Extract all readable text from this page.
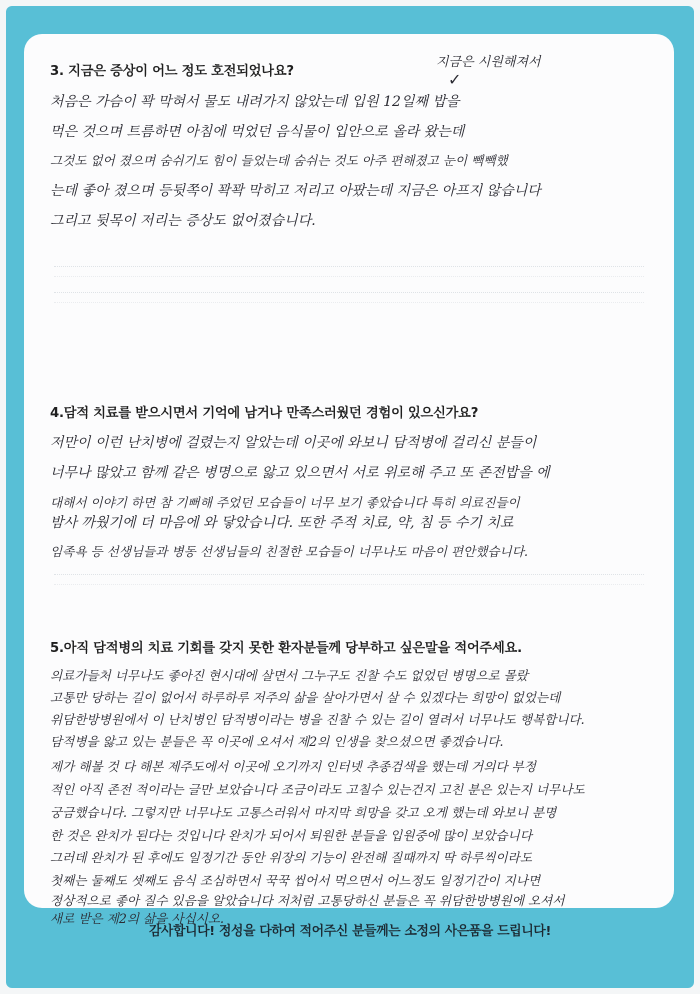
3. 지금은 증상이 어느 정도 호전되었나요?

지금은 시원해져서

✓

처음은 가슴이 꽉 막혀서 물도 내려가지 않았는데 입원 12일째 밥을

먹은 것으며 트름하면 아침에 먹었던 음식물이 입안으로 올라 왔는데

그것도 없어 졌으며 숨쉬기도 힘이 들었는데 숨쉬는 것도 아주 편해졌고 눈이 빽빽했

는데 좋아 졌으며 등뒷쪽이 꽉꽉 막히고 저리고 아팠는데 지금은 아프지 않습니다

그리고 뒷목이 저리는 증상도 없어졌습니다.

4.담적 치료를 받으시면서 기억에 남거나 만족스러웠던 경험이 있으신가요?

저만이 이런 난치병에 걸렸는지 알았는데 이곳에 와보니 담적병에 걸리신 분들이

너무나 많았고 함께 같은 병명으로 앓고 있으면서 서로 위로해 주고 또 존전밥을 에

대해서 이야기 하면 참 기뻐해 주었던 모습들이 너무 보기 좋았습니다 특히 의료진들이

밤사 까웠기에 더 마음에 와 닿았습니다. 또한 주적 치료, 약, 침 등 수기 치료

임족욕 등 선생님들과 병동 선생님들의 친절한 모습들이 너무나도 마음이 편안했습니다.

5.아직 담적병의 치료 기회를 갖지 못한 환자분들께 당부하고 싶은말을 적어주세요.

의료가들처 너무나도 좋아진 현시대에 살면서 그누구도 진찰 수도 없었던 병명으로 몰랐

고통만 당하는 길이 없어서 하루하루 저주의 삶을 살아가면서 살 수 있겠다는 희망이 없었는데

위담한방병원에서 이 난치병인 담적병이라는 병을 진찰 수 있는 길이 열려서 너무나도 행복합니다.

담적병을 앓고 있는 분들은 꼭 이곳에 오셔서 제2의 인생을 찾으셨으면 좋겠습니다.

제가 해볼 것 다 해본 제주도에서 이곳에 오기까지 인터넷 추종검색을 했는데 거의다 부정

적인 아직 존전 적이라는 글만 보았습니다 조금이라도 고칠수 있는건지 고친 분은 있는지 너무나도

궁금했습니다. 그렇지만 너무나도 고통스러워서 마지막 희망을 갖고 오게 했는데 와보니 분명

한 것은 완치가 된다는 것입니다 완치가 되어서 퇴원한 분들을 입원중에 많이 보았습니다

그러데 완치가 된 후에도 일정기간 동안 위장의 기능이 완전해 질때까지 딱 하루씩이라도

첫째는 둘째도 셋째도 음식 조심하면서 꾹꾹 씹어서 먹으면서 어느정도 일정기간이 지나면

정상적으로 좋아 질수 있음을 알았습니다 저처럼 고통당하신 분들은 꼭 위담한방병원에 오셔서

새로 받은 제2의 삶을 사십시오.

감사합니다! 정성을 다하여 적어주신 분들께는 소정의 사은품을 드립니다!
